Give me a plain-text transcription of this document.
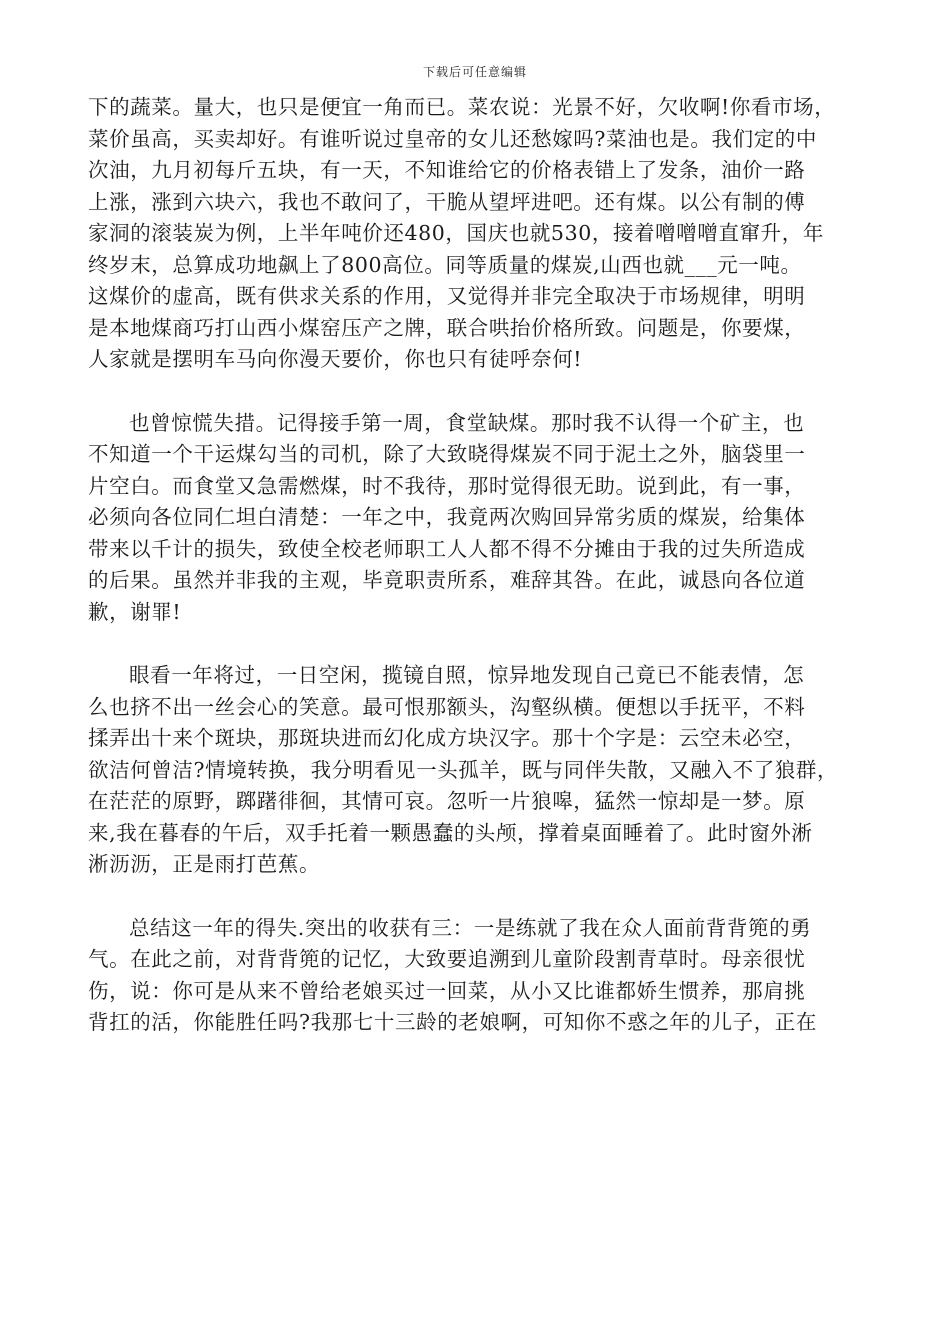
下载后可任意编辑
下的蔬菜。量大，也只是便宜一角而已。菜农说：光景不好，欠收啊!你看市场，
菜价虽高，买卖却好。有谁听说过皇帝的女儿还愁嫁吗?菜油也是。我们定的中
次油，九月初每斤五块，有一天，不知谁给它的价格表错上了发条，油价一路
上涨，涨到六块六，我也不敢问了，干脆从望坪进吧。还有煤。以公有制的傅
家洞的滚装炭为例，上半年吨价还480，国庆也就530，接着噌噌噌直窜升，年
终岁末，总算成功地飙上了800高位。同等质量的煤炭,山西也就___元一吨。
这煤价的虚高，既有供求关系的作用，又觉得并非完全取决于市场规律，明明
是本地煤商巧打山西小煤窑压产之牌，联合哄抬价格所致。问题是，你要煤，
人家就是摆明车马向你漫天要价，你也只有徒呼奈何!
也曾惊慌失措。记得接手第一周，食堂缺煤。那时我不认得一个矿主，也
不知道一个干运煤勾当的司机，除了大致晓得煤炭不同于泥土之外，脑袋里一
片空白。而食堂又急需燃煤，时不我待，那时觉得很无助。说到此，有一事，
必须向各位同仁坦白清楚：一年之中，我竟两次购回异常劣质的煤炭，给集体
带来以千计的损失，致使全校老师职工人人都不得不分摊由于我的过失所造成
的后果。虽然并非我的主观，毕竟职责所系，难辞其咎。在此，诚恳向各位道
歉，谢罪!
眼看一年将过，一日空闲，揽镜自照，惊异地发现自己竟已不能表情，怎
么也挤不出一丝会心的笑意。最可恨那额头，沟壑纵横。便想以手抚平，不料
揉弄出十来个斑块，那斑块进而幻化成方块汉字。那十个字是：云空未必空，
欲洁何曾洁?情境转换，我分明看见一头孤羊，既与同伴失散，又融入不了狼群，
在茫茫的原野，踯躇徘徊，其情可哀。忽听一片狼嗥，猛然一惊却是一梦。原
来,我在暮春的午后，双手托着一颗愚蠢的头颅，撑着桌面睡着了。此时窗外淅
淅沥沥，正是雨打芭蕉。
总结这一年的得失.突出的收获有三：一是练就了我在众人面前背背篼的勇
气。在此之前，对背背篼的记忆，大致要追溯到儿童阶段割青草时。母亲很忧
伤，说：你可是从来不曾给老娘买过一回菜，从小又比谁都娇生惯养，那肩挑
背扛的活，你能胜任吗?我那七十三龄的老娘啊，可知你不惑之年的儿子，正在
